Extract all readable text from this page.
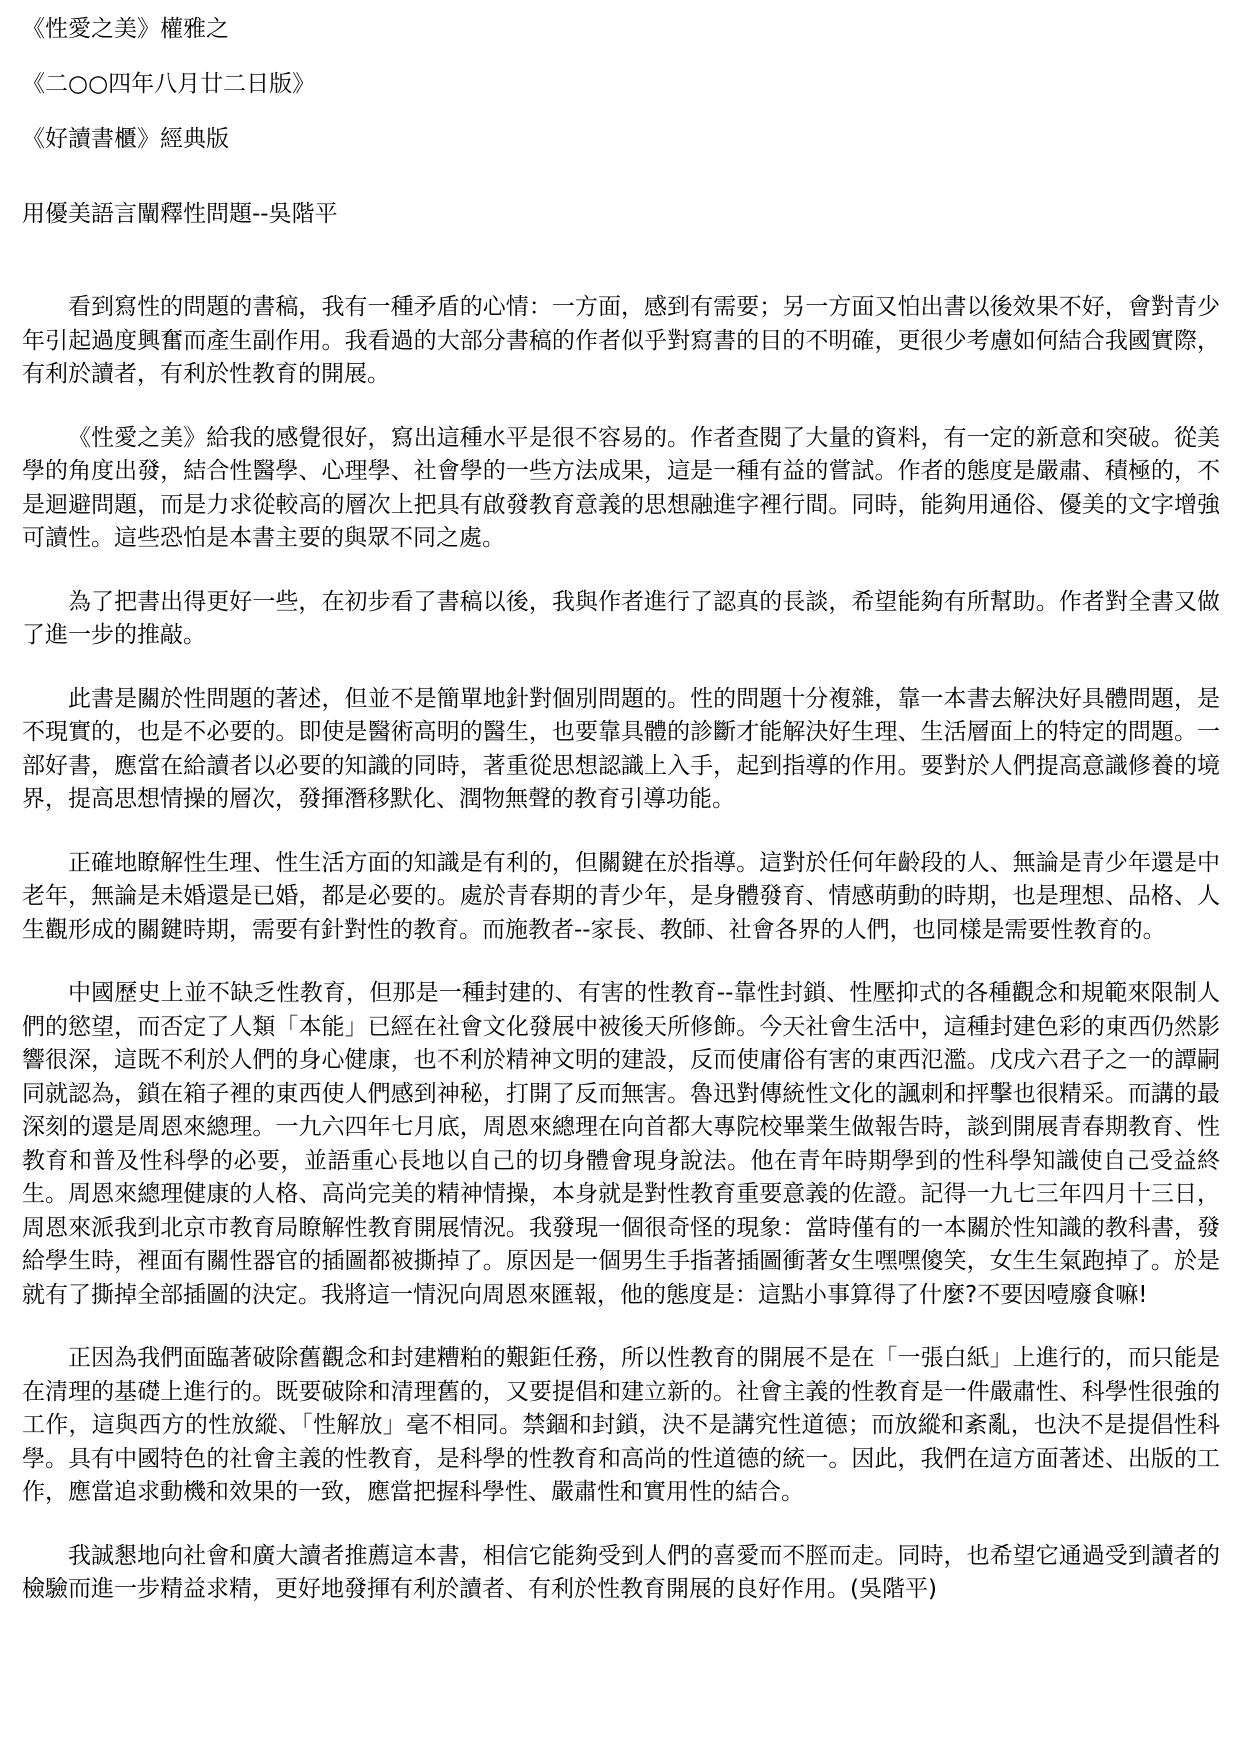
《性愛之美》權雅之
《二○○四年八月廿二日版》
《好讀書櫃》經典版
用優美語言闡釋性問題--吳階平

看到寫性的問題的書稿，我有一種矛盾的心情：一方面，感到有需要；另一方面又怕出書以後效果不好，會對青少年引起過度興奮而產生副作用。我看過的大部分書稿的作者似乎對寫書的目的不明確，更很少考慮如何結合我國實際，有利於讀者，有利於性教育的開展。

《性愛之美》給我的感覺很好，寫出這種水平是很不容易的。作者查閱了大量的資料，有一定的新意和突破。從美學的角度出發，結合性醫學、心理學、社會學的一些方法成果，這是一種有益的嘗試。作者的態度是嚴肅、積極的，不是迴避問題，而是力求從較高的層次上把具有啟發教育意義的思想融進字裡行間。同時，能夠用通俗、優美的文字增強可讀性。這些恐怕是本書主要的與眾不同之處。

為了把書出得更好一些，在初步看了書稿以後，我與作者進行了認真的長談，希望能夠有所幫助。作者對全書又做了進一步的推敲。

此書是關於性問題的著述，但並不是簡單地針對個別問題的。性的問題十分複雜，靠一本書去解決好具體問題，是不現實的，也是不必要的。即使是醫術高明的醫生，也要靠具體的診斷才能解決好生理、生活層面上的特定的問題。一部好書，應當在給讀者以必要的知識的同時，著重從思想認識上入手，起到指導的作用。要對於人們提高意識修養的境界，提高思想情操的層次，發揮潛移默化、潤物無聲的教育引導功能。

正確地瞭解性生理、性生活方面的知識是有利的，但關鍵在於指導。這對於任何年齡段的人、無論是青少年還是中老年，無論是未婚還是已婚，都是必要的。處於青春期的青少年，是身體發育、情感萌動的時期，也是理想、品格、人生觀形成的關鍵時期，需要有針對性的教育。而施教者--家長、教師、社會各界的人們，也同樣是需要性教育的。

中國歷史上並不缺乏性教育，但那是一種封建的、有害的性教育--靠性封鎖、性壓抑式的各種觀念和規範來限制人們的慾望，而否定了人類「本能」已經在社會文化發展中被後天所修飾。今天社會生活中，這種封建色彩的東西仍然影響很深，這既不利於人們的身心健康，也不利於精神文明的建設，反而使庸俗有害的東西氾濫。戊戌六君子之一的譚嗣同就認為，鎖在箱子裡的東西使人們感到神秘，打開了反而無害。魯迅對傳統性文化的諷刺和抨擊也很精采。而講的最深刻的還是周恩來總理。一九六四年七月底，周恩來總理在向首都大專院校畢業生做報告時，談到開展青春期教育、性教育和普及性科學的必要，並語重心長地以自己的切身體會現身說法。他在青年時期學到的性科學知識使自己受益終生。周恩來總理健康的人格、高尚完美的精神情操，本身就是對性教育重要意義的佐證。記得一九七三年四月十三日，周恩來派我到北京市教育局瞭解性教育開展情況。我發現一個很奇怪的現象：當時僅有的一本關於性知識的教科書，發給學生時，裡面有關性器官的插圖都被撕掉了。原因是一個男生手指著插圖衝著女生嘿嘿傻笑，女生生氣跑掉了。於是就有了撕掉全部插圖的決定。我將這一情況向周恩來匯報，他的態度是：這點小事算得了什麼?不要因噎廢食嘛!

正因為我們面臨著破除舊觀念和封建糟粕的艱鉅任務，所以性教育的開展不是在「一張白紙」上進行的，而只能是在清理的基礎上進行的。既要破除和清理舊的，又要提倡和建立新的。社會主義的性教育是一件嚴肅性、科學性很強的工作，這與西方的性放縱、「性解放」毫不相同。禁錮和封鎖，決不是講究性道德；而放縱和紊亂，也決不是提倡性科學。具有中國特色的社會主義的性教育，是科學的性教育和高尚的性道德的統一。因此，我們在這方面著述、出版的工作，應當追求動機和效果的一致，應當把握科學性、嚴肅性和實用性的結合。

我誠懇地向社會和廣大讀者推薦這本書，相信它能夠受到人們的喜愛而不脛而走。同時，也希望它通過受到讀者的檢驗而進一步精益求精，更好地發揮有利於讀者、有利於性教育開展的良好作用。(吳階平)
